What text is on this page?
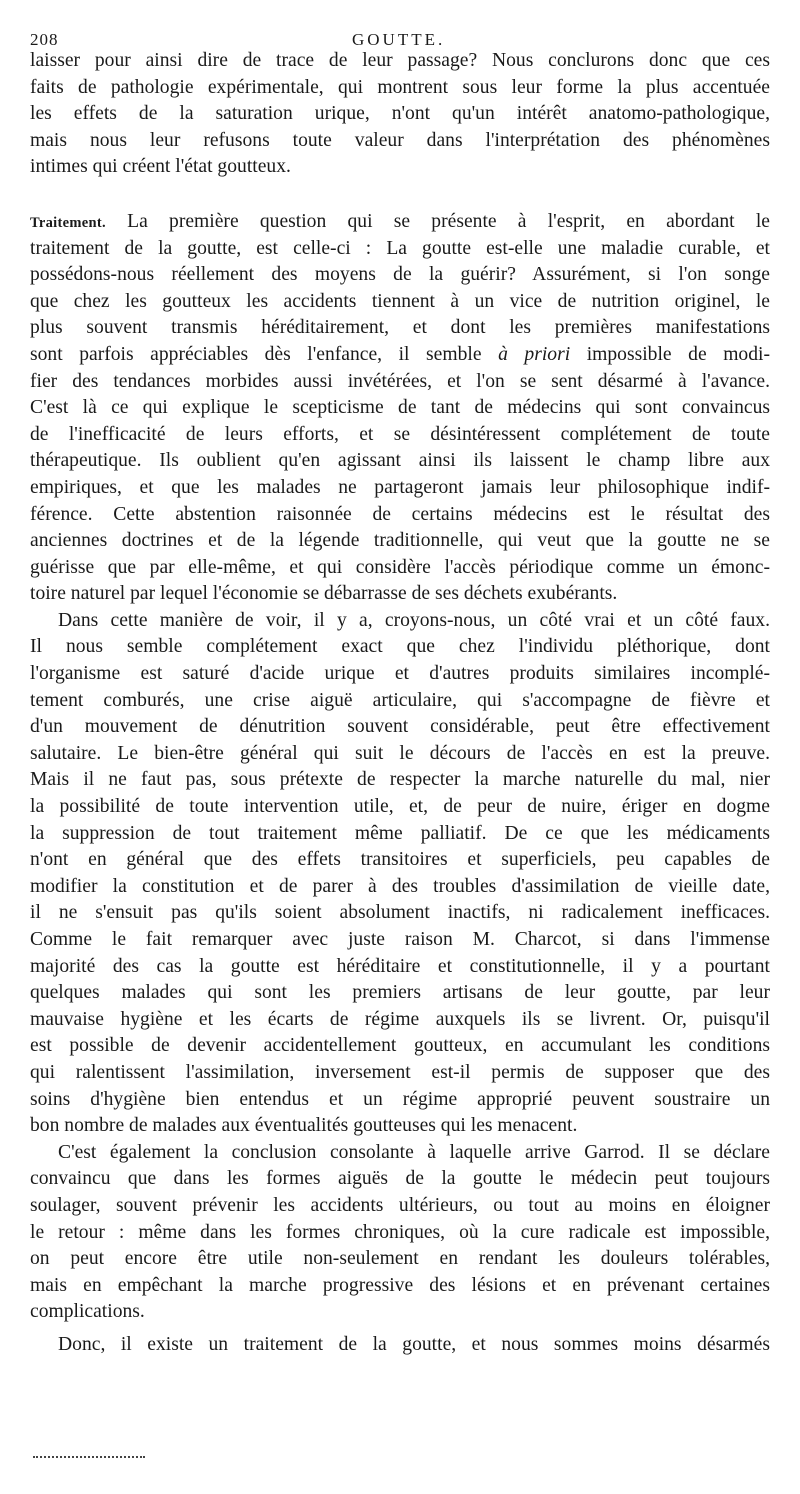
208	GOUTTE.
laisser pour ainsi dire de trace de leur passage? Nous conclurons donc que ces
faits de pathologie expérimentale, qui montrent sous leur forme la plus accentuée
les effets de la saturation urique, n'ont qu'un intérêt anatomo-pathologique,
mais nous leur refusons toute valeur dans l'interprétation des phénomènes
intimes qui créent l'état goutteux.
Traitement. La première question qui se présente à l'esprit, en abordant le
traitement de la goutte, est celle-ci : La goutte est-elle une maladie curable, et
possédons-nous réellement des moyens de la guérir? Assurément, si l'on songe
que chez les goutteux les accidents tiennent à un vice de nutrition originel, le
plus souvent transmis héréditairement, et dont les premières manifestations
sont parfois appréciables dès l'enfance, il semble à priori impossible de modi-
fier des tendances morbides aussi invétérées, et l'on se sent désarmé à l'avance.
C'est là ce qui explique le scepticisme de tant de médecins qui sont convaincus
de l'inefficacité de leurs efforts, et se désintéressent complétement de toute
thérapeutique. Ils oublient qu'en agissant ainsi ils laissent le champ libre aux
empiriques, et que les malades ne partageront jamais leur philosophique indif-
férence. Cette abstention raisonnée de certains médecins est le résultat des
anciennes doctrines et de la légende traditionnelle, qui veut que la goutte ne se
guérisse que par elle-même, et qui considère l'accès périodique comme un émonc-
toire naturel par lequel l'économie se débarrasse de ses déchets exubérants.
Dans cette manière de voir, il y a, croyons-nous, un côté vrai et un côté faux.
Il nous semble complétement exact que chez l'individu pléthorique, dont
l'organisme est saturé d'acide urique et d'autres produits similaires incomplé-
tement comburés, une crise aiguë articulaire, qui s'accompagne de fièvre et
d'un mouvement de dénutrition souvent considérable, peut être effectivement
salutaire. Le bien-être général qui suit le décours de l'accès en est la preuve.
Mais il ne faut pas, sous prétexte de respecter la marche naturelle du mal, nier
la possibilité de toute intervention utile, et, de peur de nuire, ériger en dogme
la suppression de tout traitement même palliatif. De ce que les médicaments
n'ont en général que des effets transitoires et superficiels, peu capables de
modifier la constitution et de parer à des troubles d'assimilation de vieille date,
il ne s'ensuit pas qu'ils soient absolument inactifs, ni radicalement inefficaces.
Comme le fait remarquer avec juste raison M. Charcot, si dans l'immense
majorité des cas la goutte est héréditaire et constitutionnelle, il y a pourtant
quelques malades qui sont les premiers artisans de leur goutte, par leur
mauvaise hygiène et les écarts de régime auxquels ils se livrent. Or, puisqu'il
est possible de devenir accidentellement goutteux, en accumulant les conditions
qui ralentissent l'assimilation, inversement est-il permis de supposer que des
soins d'hygiène bien entendus et un régime approprié peuvent soustraire un
bon nombre de malades aux éventualités goutteuses qui les menacent.
C'est également la conclusion consolante à laquelle arrive Garrod. Il se déclare
convaincu que dans les formes aiguës de la goutte le médecin peut toujours
soulager, souvent prévenir les accidents ultérieurs, ou tout au moins en éloigner
le retour : même dans les formes chroniques, où la cure radicale est impossible,
on peut encore être utile non-seulement en rendant les douleurs tolérables,
mais en empêchant la marche progressive des lésions et en prévenant certaines
complications.
Donc, il existe un traitement de la goutte, et nous sommes moins désarmés
